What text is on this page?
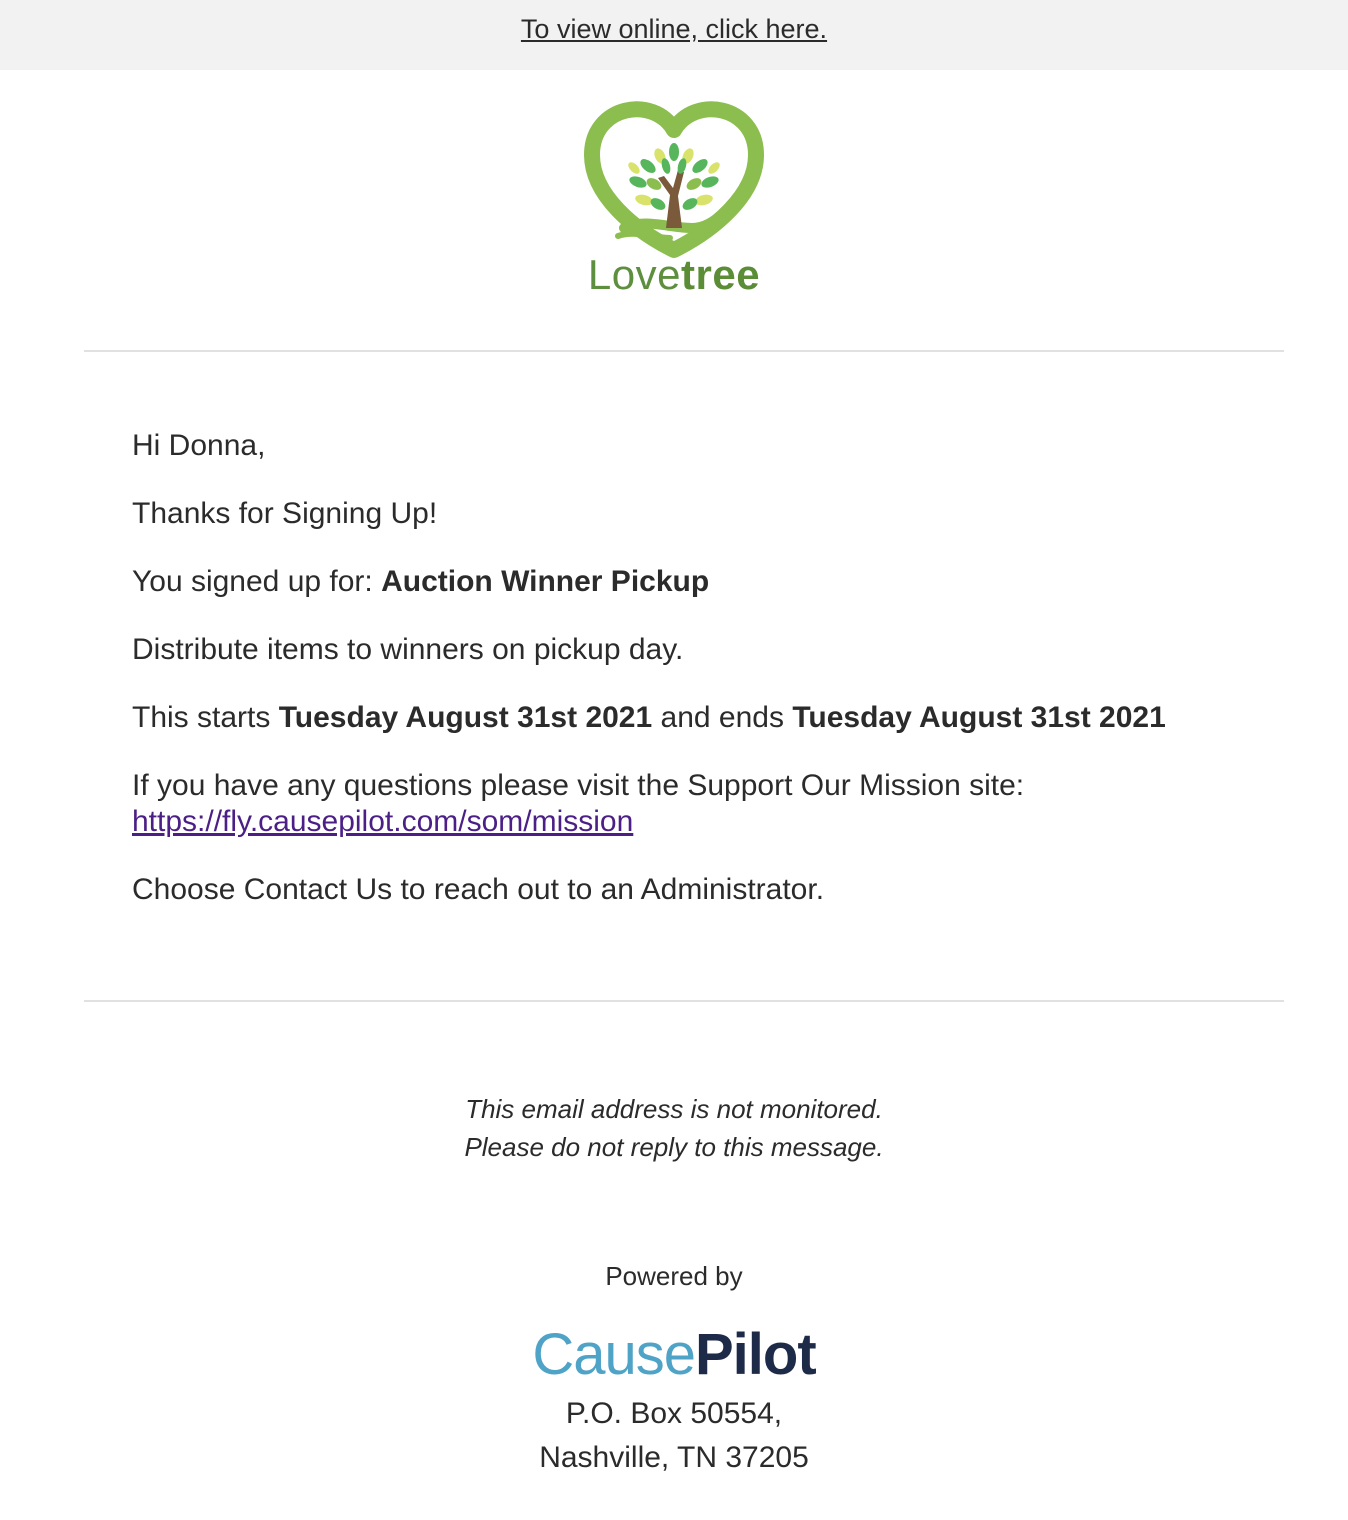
To view online, click here.
Lovetree

Hi Donna,

Thanks for Signing Up!

You signed up for: Auction Winner Pickup

Distribute items to winners on pickup day.

This starts Tuesday August 31st 2021 and ends Tuesday August 31st 2021

If you have any questions please visit the Support Our Mission site:
https://fly.causepilot.com/som/mission

Choose Contact Us to reach out to an Administrator.

This email address is not monitored.

Please do not reply to this message.

Powered by

CausePilot
P.O. Box 50554,
Nashville, TN 37205
